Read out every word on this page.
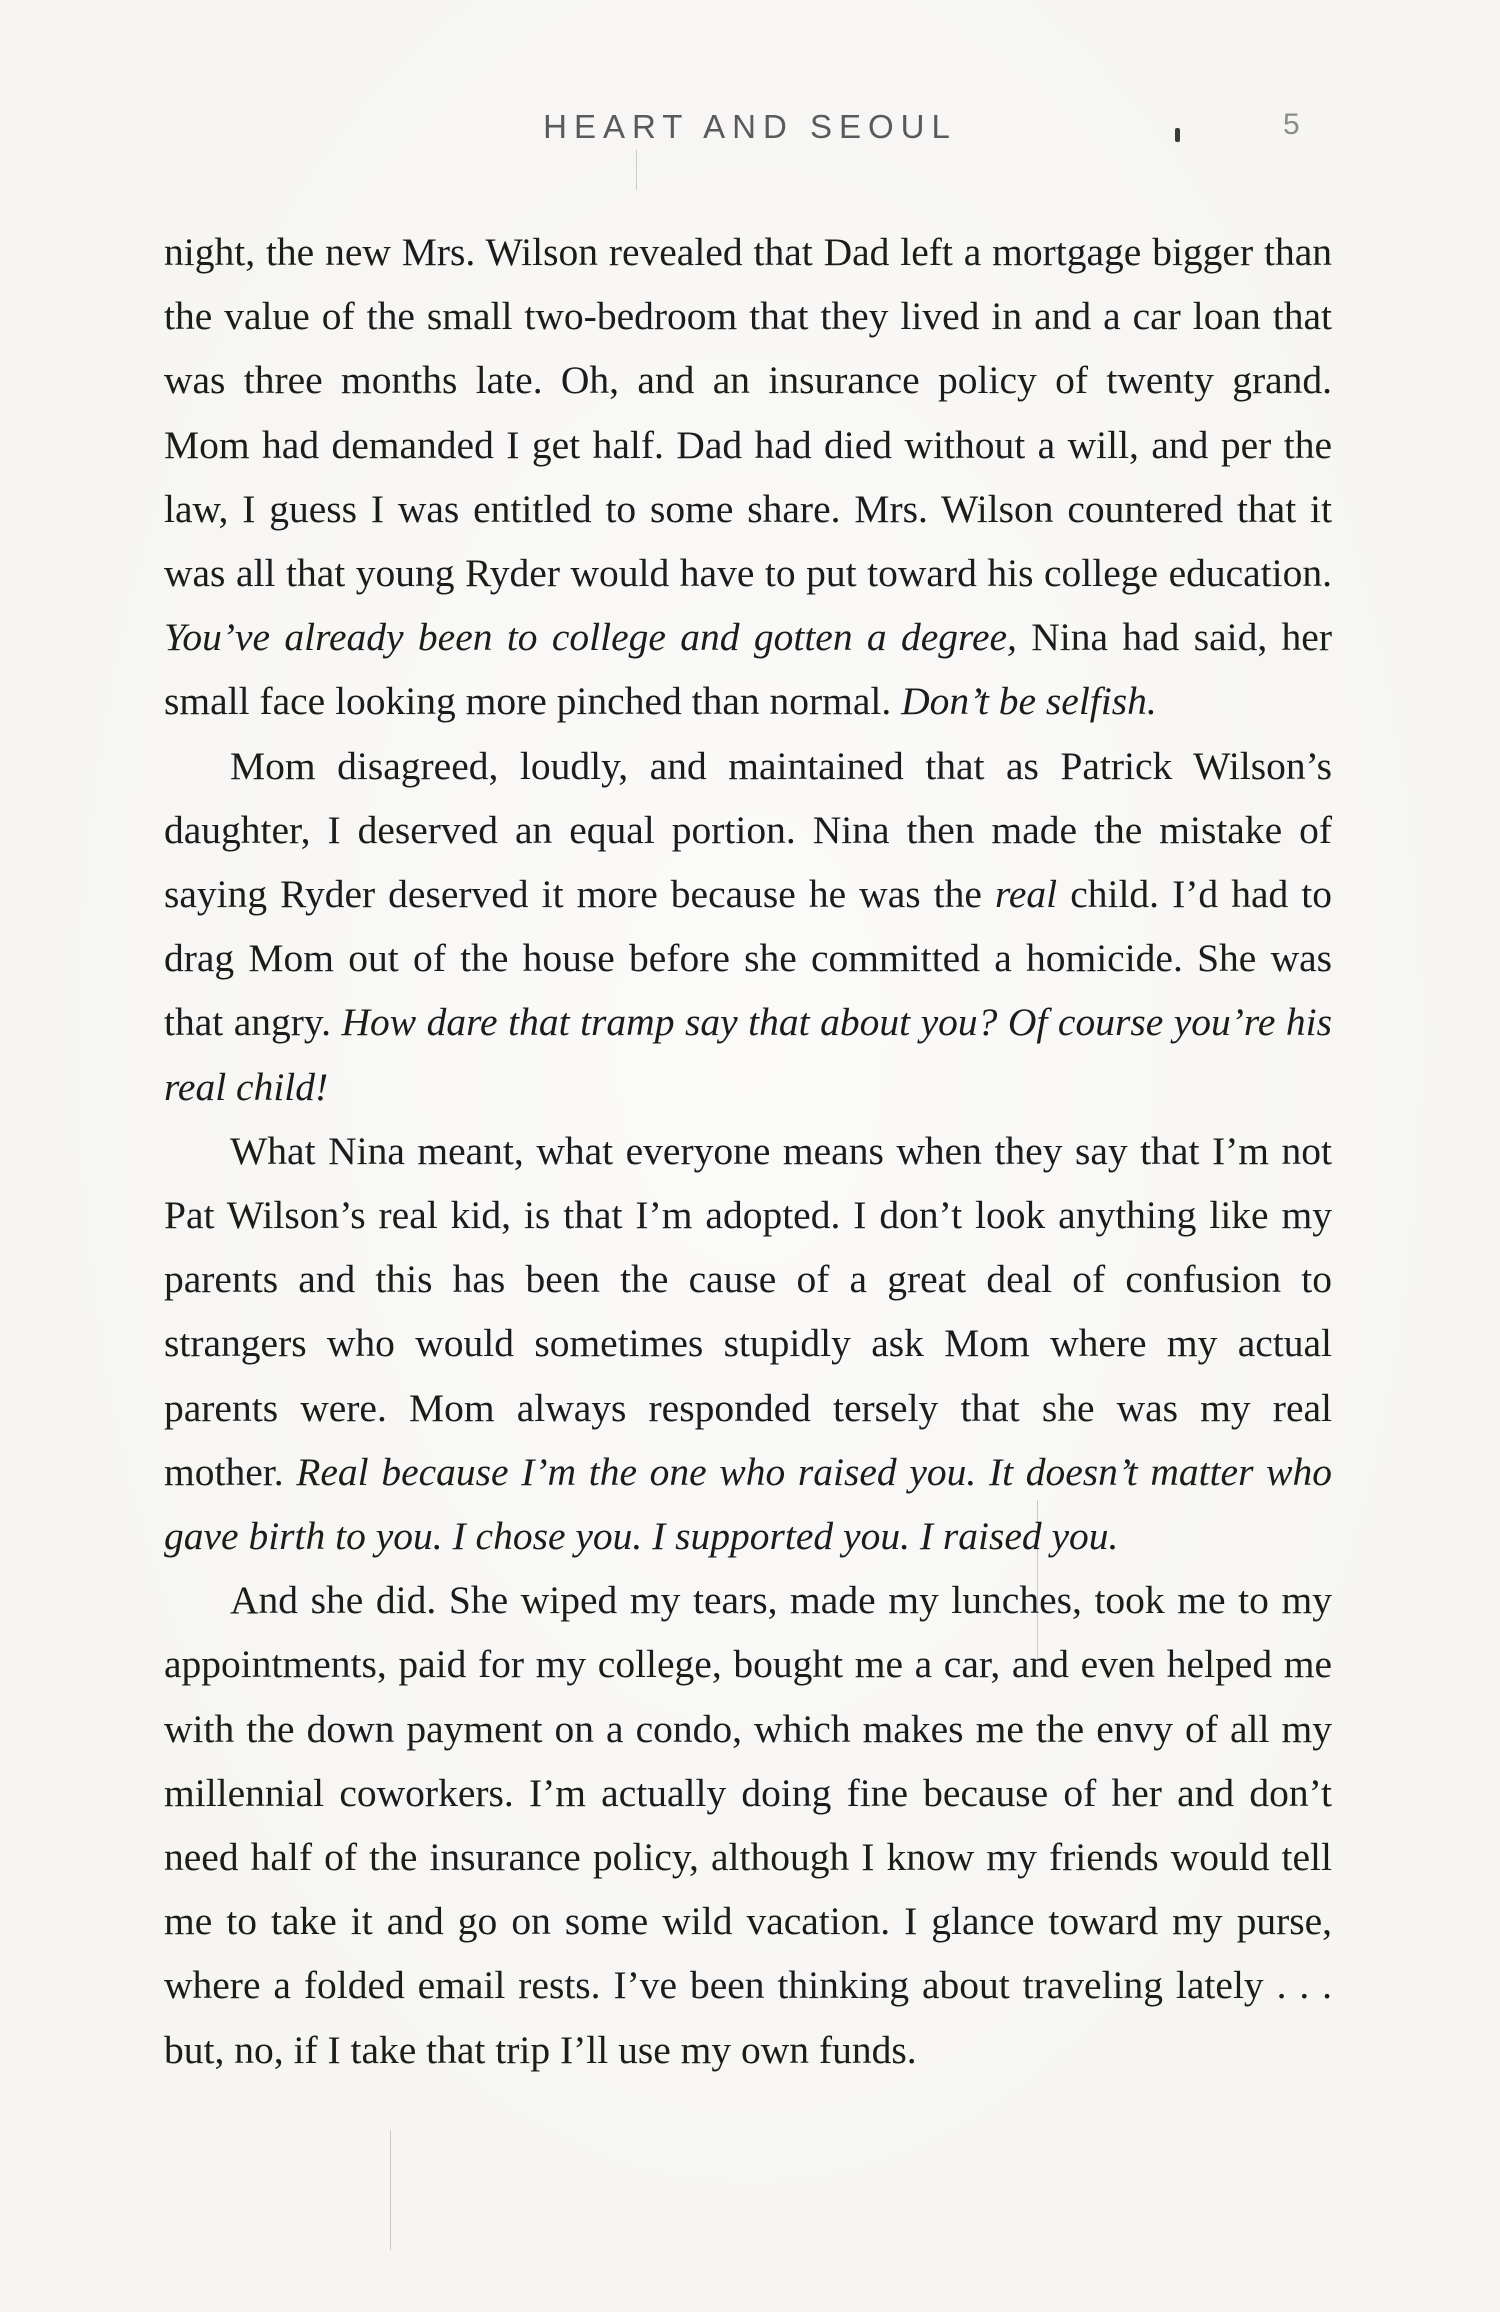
HEART AND SEOUL	5

night, the new Mrs. Wilson revealed that Dad left a mortgage bigger than the value of the small two-bedroom that they lived in and a car loan that was three months late. Oh, and an insurance policy of twenty grand. Mom had demanded I get half. Dad had died without a will, and per the law, I guess I was entitled to some share. Mrs. Wilson countered that it was all that young Ryder would have to put toward his college education. You’ve already been to college and gotten a degree, Nina had said, her small face looking more pinched than normal. Don’t be selfish.

Mom disagreed, loudly, and maintained that as Patrick Wilson’s daughter, I deserved an equal portion. Nina then made the mistake of saying Ryder deserved it more because he was the real child. I’d had to drag Mom out of the house before she committed a homicide. She was that angry. How dare that tramp say that about you? Of course you’re his real child!

What Nina meant, what everyone means when they say that I’m not Pat Wilson’s real kid, is that I’m adopted. I don’t look anything like my parents and this has been the cause of a great deal of confusion to strangers who would sometimes stupidly ask Mom where my actual parents were. Mom always responded tersely that she was my real mother. Real because I’m the one who raised you. It doesn’t matter who gave birth to you. I chose you. I supported you. I raised you.

And she did. She wiped my tears, made my lunches, took me to my appointments, paid for my college, bought me a car, and even helped me with the down payment on a condo, which makes me the envy of all my millennial coworkers. I’m actually doing fine because of her and don’t need half of the insurance policy, although I know my friends would tell me to take it and go on some wild vacation. I glance toward my purse, where a folded email rests. I’ve been thinking about traveling lately . . . but, no, if I take that trip I’ll use my own funds.
